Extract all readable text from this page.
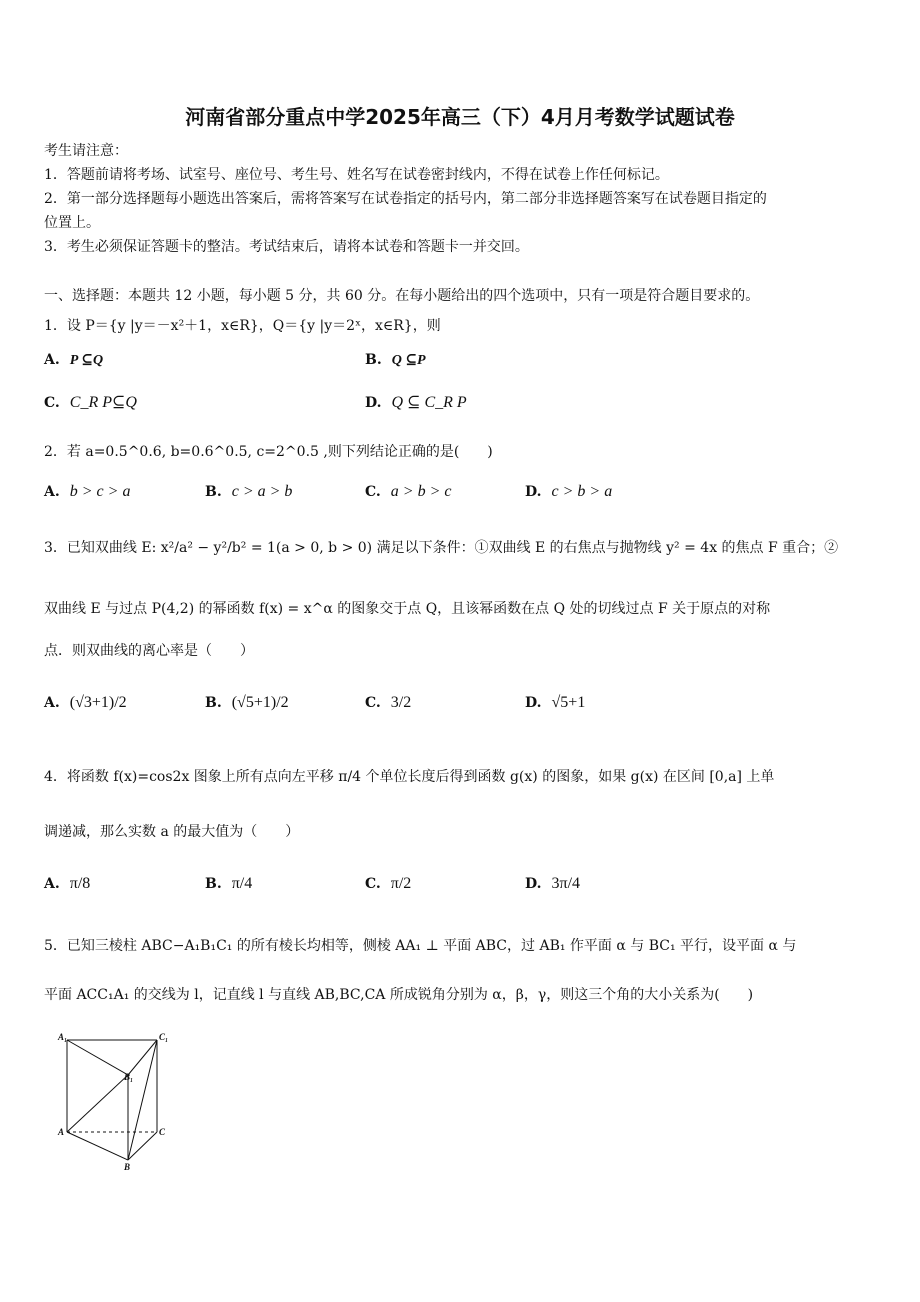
河南省部分重点中学2025年高三（下）4月月考数学试题试卷
考生请注意：
1．答题前请将考场、试室号、座位号、考生号、姓名写在试卷密封线内，不得在试卷上作任何标记。
2．第一部分选择题每小题选出答案后，需将答案写在试卷指定的括号内，第二部分非选择题答案写在试卷题目指定的
位置上。
3．考生必须保证答题卡的整洁。考试结束后，请将本试卷和答题卡一并交回。
一、选择题：本题共 12 小题，每小题 5 分，共 60 分。在每小题给出的四个选项中，只有一项是符合题目要求的。
1．设 P＝{y |y＝－x²＋1，x∈R}，Q＝{y |y＝2ˣ，x∈R}，则
A. P ⊆Q	B. Q ⊆P
C. C_R P⊆Q	D. Q ⊆ C_R P
2．若 a=0.5^0.6, b=0.6^0.5, c=2^0.5 ,则下列结论正确的是(　　)
A. b > c > a	B. c > a > b	C. a > b > c	D. c > b > a
3．已知双曲线 E: x²/a² − y²/b² = 1(a > 0, b > 0) 满足以下条件：①双曲线 E 的右焦点与抛物线 y² = 4x 的焦点 F 重合；②
双曲线 E 与过点 P(4,2) 的幂函数 f(x) = x^α 的图象交于点 Q，且该幂函数在点 Q 处的切线过点 F 关于原点的对称
点．则双曲线的离心率是（　　）
A. (√3+1)/2	B. (√5+1)/2	C. 3/2	D. √5+1
4．将函数 f(x)=cos2x 图象上所有点向左平移 π/4 个单位长度后得到函数 g(x) 的图象，如果 g(x) 在区间 [0,a] 上单
调递减，那么实数 a 的最大值为（　　）
A. π/8	B. π/4	C. π/2	D. 3π/4
5．已知三棱柱 ABC−A₁B₁C₁ 的所有棱长均相等，侧棱 AA₁ ⊥ 平面 ABC，过 AB₁ 作平面 α 与 BC₁ 平行，设平面 α 与
平面 ACC₁A₁ 的交线为 l，记直线 l 与直线 AB,BC,CA 所成锐角分别为 α，β，γ，则这三个角的大小关系为(　　)
A₁	C₁
B₁
A	C
B
